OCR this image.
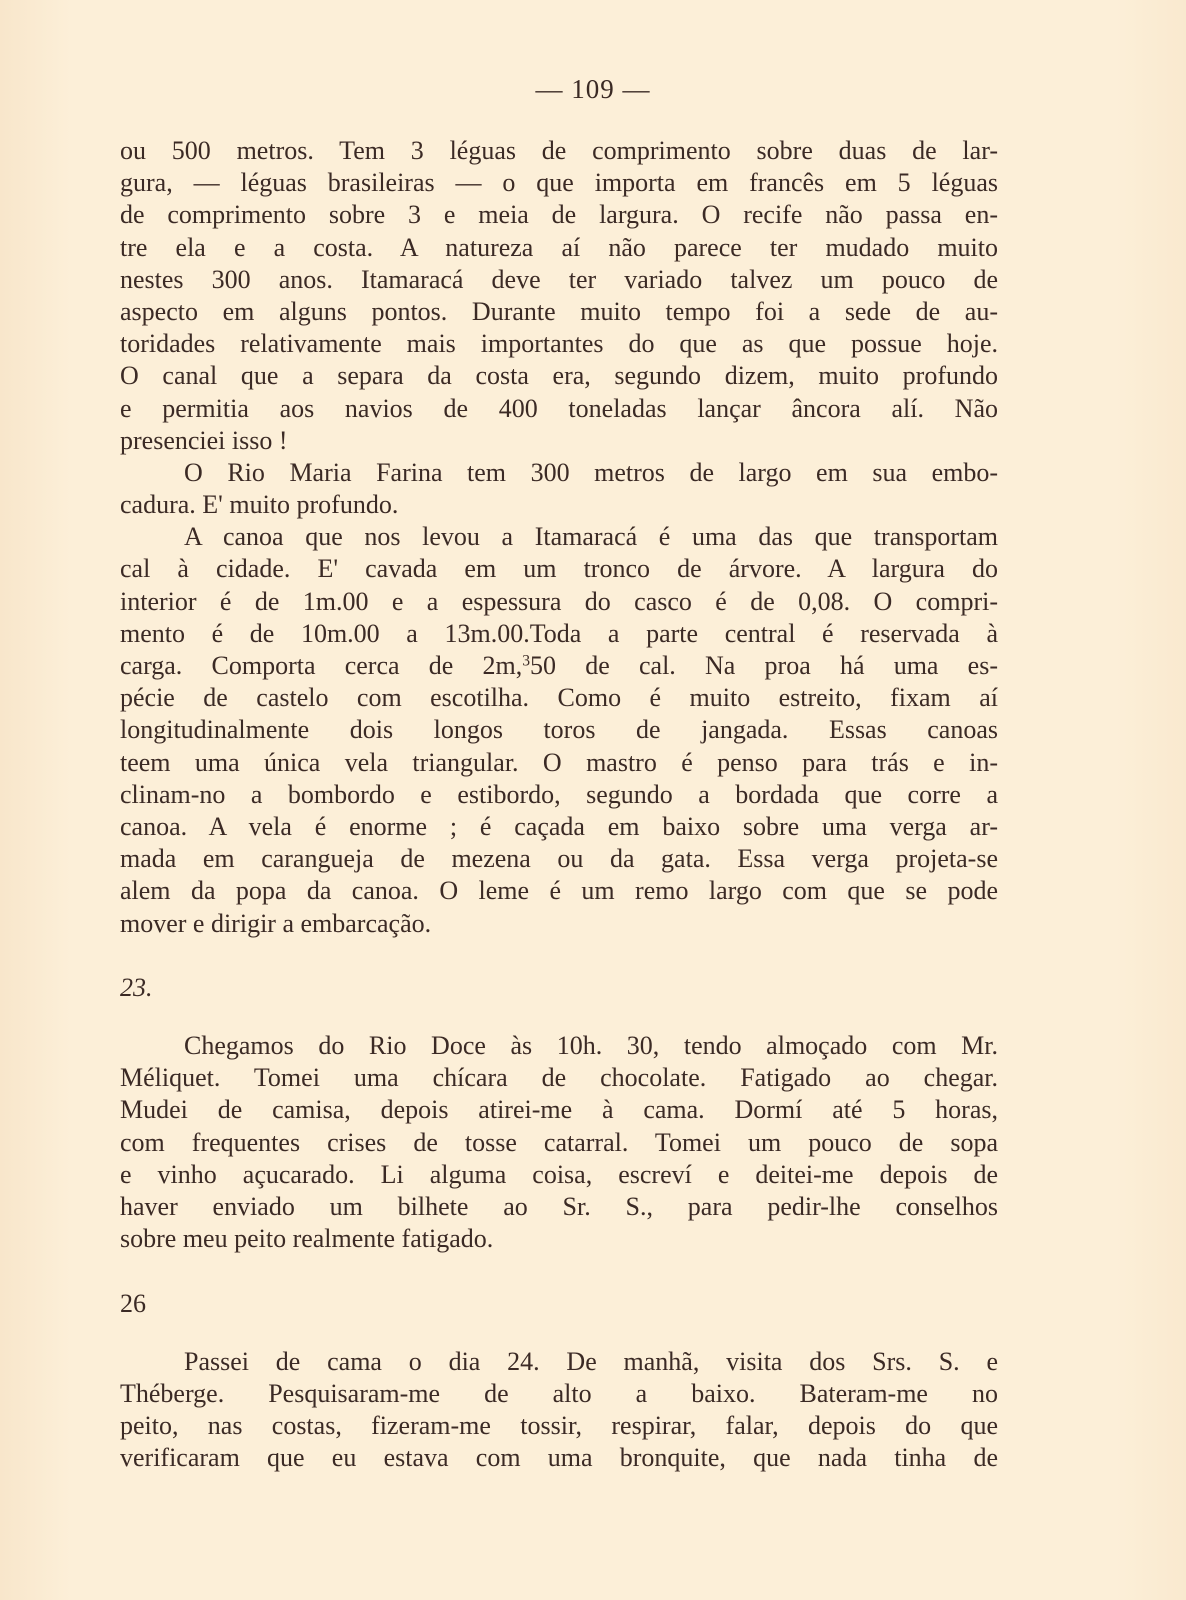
— 109 —
ou 500 metros. Tem 3 léguas de comprimento sobre duas de lar-
gura, — léguas brasileiras — o que importa em francês em 5 léguas
de comprimento sobre 3 e meia de largura. O recife não passa en-
tre ela e a costa. A natureza aí não parece ter mudado muito
nestes 300 anos. Itamaracá deve ter variado talvez um pouco de
aspecto em alguns pontos. Durante muito tempo foi a sede de au-
toridades relativamente mais importantes do que as que possue hoje.
O canal que a separa da costa era, segundo dizem, muito profundo
e permitia aos navios de 400 toneladas lançar âncora alí. Não
presenciei isso !
O Rio Maria Farina tem 300 metros de largo em sua embo-
cadura. E' muito profundo.
A canoa que nos levou a Itamaracá é uma das que transportam
cal à cidade. E' cavada em um tronco de árvore. A largura do
interior é de 1m.00 e a espessura do casco é de 0,08. O compri-
mento é de 10m.00 a 13m.00.Toda a parte central é reservada à
carga. Comporta cerca de 2m,$^3$50 de cal. Na proa há uma es-
pécie de castelo com escotilha. Como é muito estreito, fixam aí
longitudinalmente dois longos toros de jangada. Essas canoas
teem uma única vela triangular. O mastro é penso para trás e in-
clinam-no a bombordo e estibordo, segundo a bordada que corre a
canoa. A vela é enorme ; é caçada em baixo sobre uma verga ar-
mada em carangueja de mezena ou da gata. Essa verga projeta-se
alem da popa da canoa. O leme é um remo largo com que se pode
mover e dirigir a embarcação.
23.
Chegamos do Rio Doce às 10h. 30, tendo almoçado com Mr.
Méliquet. Tomei uma chícara de chocolate. Fatigado ao chegar.
Mudei de camisa, depois atirei-me à cama. Dormí até 5 horas,
com frequentes crises de tosse catarral. Tomei um pouco de sopa
e vinho açucarado. Li alguma coisa, escreví e deitei-me depois de
haver enviado um bilhete ao Sr. S., para pedir-lhe conselhos
sobre meu peito realmente fatigado.
26
Passei de cama o dia 24. De manhã, visita dos Srs. S. e
Théberge. Pesquisaram-me de alto a baixo. Bateram-me no
peito, nas costas, fizeram-me tossir, respirar, falar, depois do que
verificaram que eu estava com uma bronquite, que nada tinha de
